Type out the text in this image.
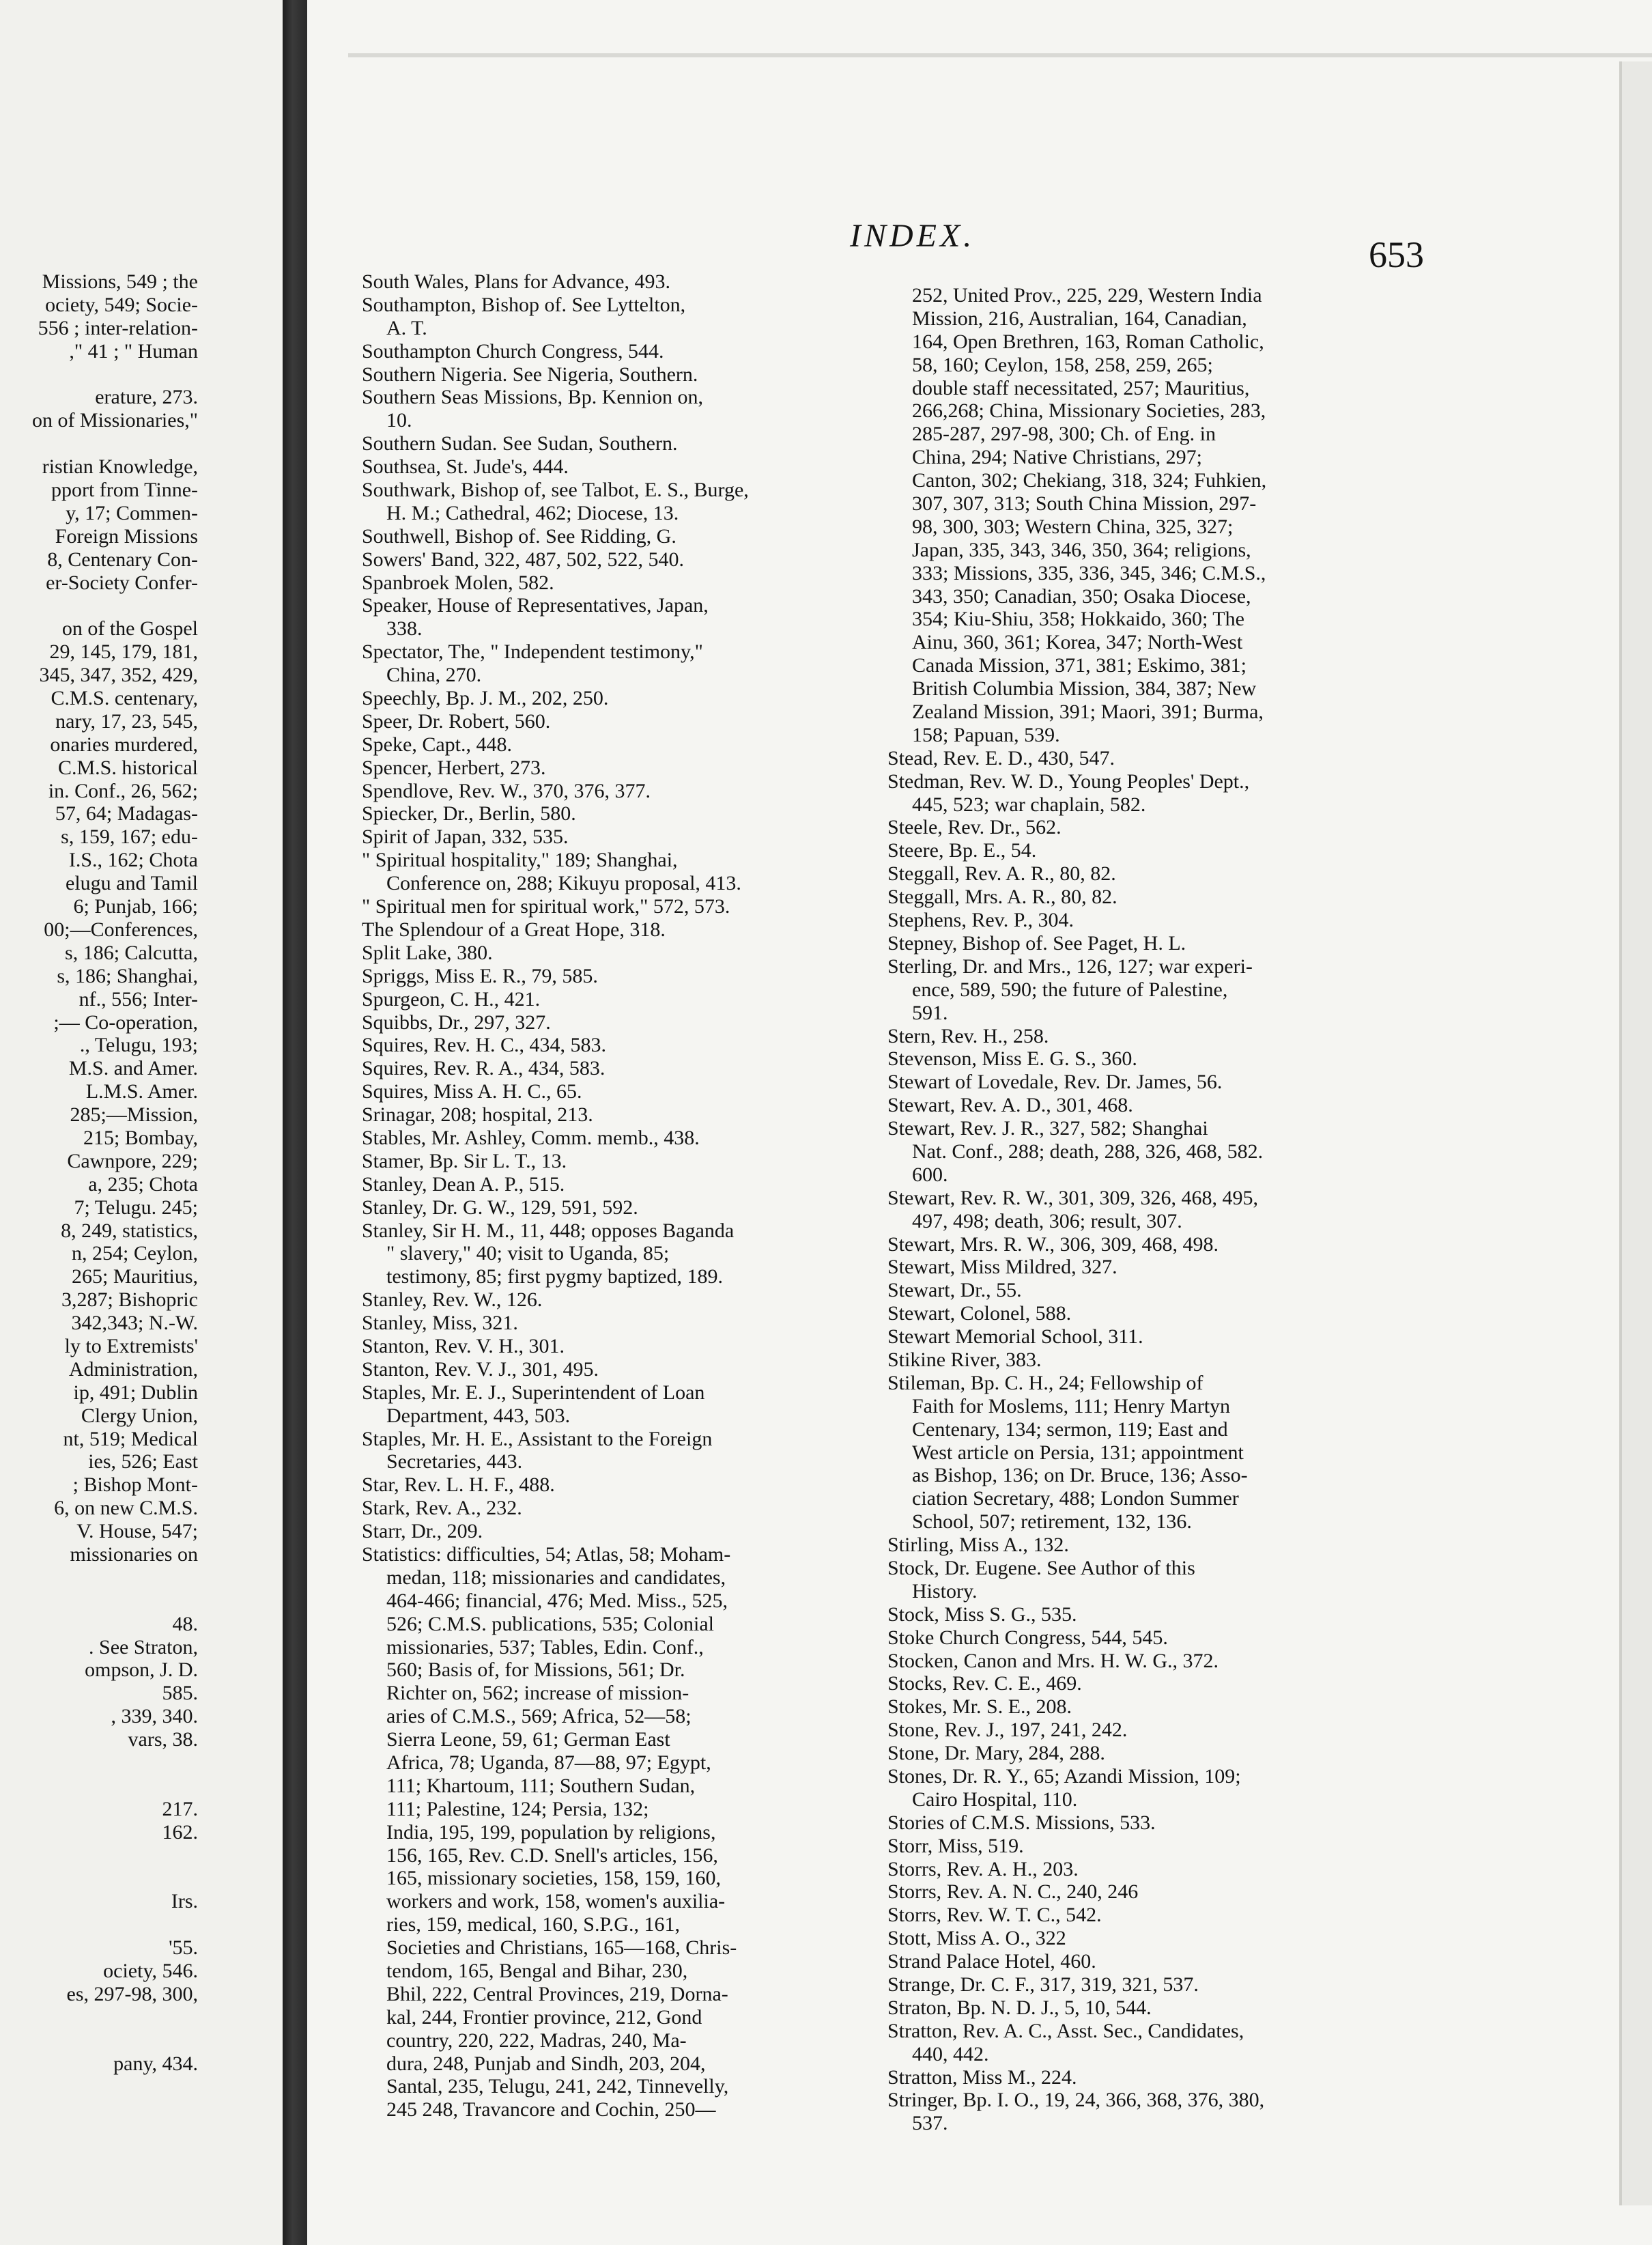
Missions, 549 ; the
ociety, 549; Socie-
556 ; inter-relation-
," 41 ; " Human
erature, 273.
on of Missionaries,"
ristian Knowledge,
pport from Tinne-
y, 17; Commen-
Foreign Missions
8, Centenary Con-
er-Society Confer-
on of the Gospel
29, 145, 179, 181,
345, 347, 352, 429,
C.M.S. centenary,
nary, 17, 23, 545,
onaries murdered,
C.M.S. historical
in. Conf., 26, 562;
57, 64; Madagas-
s, 159, 167; edu-
I.S., 162; Chota
elugu and Tamil
6; Punjab, 166;
00;—Conferences,
s, 186; Calcutta,
s, 186; Shanghai,
nf., 556; Inter-
;— Co-operation,
., Telugu, 193;
M.S. and Amer.
L.M.S. Amer.
285;—Mission,
215; Bombay,
Cawnpore, 229;
a, 235; Chota
7; Telugu. 245;
8, 249, statistics,
n, 254; Ceylon,
265; Mauritius,
3,287; Bishopric
342,343; N.-W.
ly to Extremists'
Administration,
ip, 491; Dublin
Clergy Union,
nt, 519; Medical
ies, 526; East
; Bishop Mont-
6, on new C.M.S.
V. House, 547;
missionaries on
48.
. See Straton,
ompson, J. D.
585.
, 339, 340.
vars, 38.
217.
162.
Irs.
'55.
ociety, 546.
es, 297-98, 300,
pany, 434.
INDEX.	653
South Wales, Plans for Advance, 493.
Southampton, Bishop of. See Lyttelton,
A. T.
Southampton Church Congress, 544.
Southern Nigeria. See Nigeria, Southern.
Southern Seas Missions, Bp. Kennion on,
10.
Southern Sudan. See Sudan, Southern.
Southsea, St. Jude's, 444.
Southwark, Bishop of, see Talbot, E. S., Burge,
H. M.; Cathedral, 462; Diocese, 13.
Southwell, Bishop of. See Ridding, G.
Sowers' Band, 322, 487, 502, 522, 540.
Spanbroek Molen, 582.
Speaker, House of Representatives, Japan,
338.
Spectator, The, " Independent testimony,"
China, 270.
Speechly, Bp. J. M., 202, 250.
Speer, Dr. Robert, 560.
Speke, Capt., 448.
Spencer, Herbert, 273.
Spendlove, Rev. W., 370, 376, 377.
Spiecker, Dr., Berlin, 580.
Spirit of Japan, 332, 535.
" Spiritual hospitality," 189; Shanghai,
Conference on, 288; Kikuyu proposal, 413.
" Spiritual men for spiritual work," 572, 573.
The Splendour of a Great Hope, 318.
Split Lake, 380.
Spriggs, Miss E. R., 79, 585.
Spurgeon, C. H., 421.
Squibbs, Dr., 297, 327.
Squires, Rev. H. C., 434, 583.
Squires, Rev. R. A., 434, 583.
Squires, Miss A. H. C., 65.
Srinagar, 208; hospital, 213.
Stables, Mr. Ashley, Comm. memb., 438.
Stamer, Bp. Sir L. T., 13.
Stanley, Dean A. P., 515.
Stanley, Dr. G. W., 129, 591, 592.
Stanley, Sir H. M., 11, 448; opposes Baganda
" slavery," 40; visit to Uganda, 85;
testimony, 85; first pygmy baptized, 189.
Stanley, Rev. W., 126.
Stanley, Miss, 321.
Stanton, Rev. V. H., 301.
Stanton, Rev. V. J., 301, 495.
Staples, Mr. E. J., Superintendent of Loan
Department, 443, 503.
Staples, Mr. H. E., Assistant to the Foreign
Secretaries, 443.
Star, Rev. L. H. F., 488.
Stark, Rev. A., 232.
Starr, Dr., 209.
Statistics: difficulties, 54; Atlas, 58; Moham-
medan, 118; missionaries and candidates,
464-466; financial, 476; Med. Miss., 525,
526; C.M.S. publications, 535; Colonial
missionaries, 537; Tables, Edin. Conf.,
560; Basis of, for Missions, 561; Dr.
Richter on, 562; increase of mission-
aries of C.M.S., 569; Africa, 52—58;
Sierra Leone, 59, 61; German East
Africa, 78; Uganda, 87—88, 97; Egypt,
111; Khartoum, 111; Southern Sudan,
111; Palestine, 124; Persia, 132;
India, 195, 199, population by religions,
156, 165, Rev. C.D. Snell's articles, 156,
165, missionary societies, 158, 159, 160,
workers and work, 158, women's auxilia-
ries, 159, medical, 160, S.P.G., 161,
Societies and Christians, 165—168, Chris-
tendom, 165, Bengal and Bihar, 230,
Bhil, 222, Central Provinces, 219, Dorna-
kal, 244, Frontier province, 212, Gond
country, 220, 222, Madras, 240, Ma-
dura, 248, Punjab and Sindh, 203, 204,
Santal, 235, Telugu, 241, 242, Tinnevelly,
245 248, Travancore and Cochin, 250—
252, United Prov., 225, 229, Western India
Mission, 216, Australian, 164, Canadian,
164, Open Brethren, 163, Roman Catholic,
58, 160; Ceylon, 158, 258, 259, 265;
double staff necessitated, 257; Mauritius,
266,268; China, Missionary Societies, 283,
285-287, 297-98, 300; Ch. of Eng. in
China, 294; Native Christians, 297;
Canton, 302; Chekiang, 318, 324; Fuhkien,
307, 307, 313; South China Mission, 297-
98, 300, 303; Western China, 325, 327;
Japan, 335, 343, 346, 350, 364; religions,
333; Missions, 335, 336, 345, 346; C.M.S.,
343, 350; Canadian, 350; Osaka Diocese,
354; Kiu-Shiu, 358; Hokkaido, 360; The
Ainu, 360, 361; Korea, 347; North-West
Canada Mission, 371, 381; Eskimo, 381;
British Columbia Mission, 384, 387; New
Zealand Mission, 391; Maori, 391; Burma,
158; Papuan, 539.
Stead, Rev. E. D., 430, 547.
Stedman, Rev. W. D., Young Peoples' Dept.,
445, 523; war chaplain, 582.
Steele, Rev. Dr., 562.
Steere, Bp. E., 54.
Steggall, Rev. A. R., 80, 82.
Steggall, Mrs. A. R., 80, 82.
Stephens, Rev. P., 304.
Stepney, Bishop of. See Paget, H. L.
Sterling, Dr. and Mrs., 126, 127; war experi-
ence, 589, 590; the future of Palestine,
591.
Stern, Rev. H., 258.
Stevenson, Miss E. G. S., 360.
Stewart of Lovedale, Rev. Dr. James, 56.
Stewart, Rev. A. D., 301, 468.
Stewart, Rev. J. R., 327, 582; Shanghai
Nat. Conf., 288; death, 288, 326, 468, 582.
600.
Stewart, Rev. R. W., 301, 309, 326, 468, 495,
497, 498; death, 306; result, 307.
Stewart, Mrs. R. W., 306, 309, 468, 498.
Stewart, Miss Mildred, 327.
Stewart, Dr., 55.
Stewart, Colonel, 588.
Stewart Memorial School, 311.
Stikine River, 383.
Stileman, Bp. C. H., 24; Fellowship of
Faith for Moslems, 111; Henry Martyn
Centenary, 134; sermon, 119; East and
West article on Persia, 131; appointment
as Bishop, 136; on Dr. Bruce, 136; Asso-
ciation Secretary, 488; London Summer
School, 507; retirement, 132, 136.
Stirling, Miss A., 132.
Stock, Dr. Eugene. See Author of this
History.
Stock, Miss S. G., 535.
Stoke Church Congress, 544, 545.
Stocken, Canon and Mrs. H. W. G., 372.
Stocks, Rev. C. E., 469.
Stokes, Mr. S. E., 208.
Stone, Rev. J., 197, 241, 242.
Stone, Dr. Mary, 284, 288.
Stones, Dr. R. Y., 65; Azandi Mission, 109;
Cairo Hospital, 110.
Stories of C.M.S. Missions, 533.
Storr, Miss, 519.
Storrs, Rev. A. H., 203.
Storrs, Rev. A. N. C., 240, 246
Storrs, Rev. W. T. C., 542.
Stott, Miss A. O., 322
Strand Palace Hotel, 460.
Strange, Dr. C. F., 317, 319, 321, 537.
Straton, Bp. N. D. J., 5, 10, 544.
Stratton, Rev. A. C., Asst. Sec., Candidates,
440, 442.
Stratton, Miss M., 224.
Stringer, Bp. I. O., 19, 24, 366, 368, 376, 380,
537.
